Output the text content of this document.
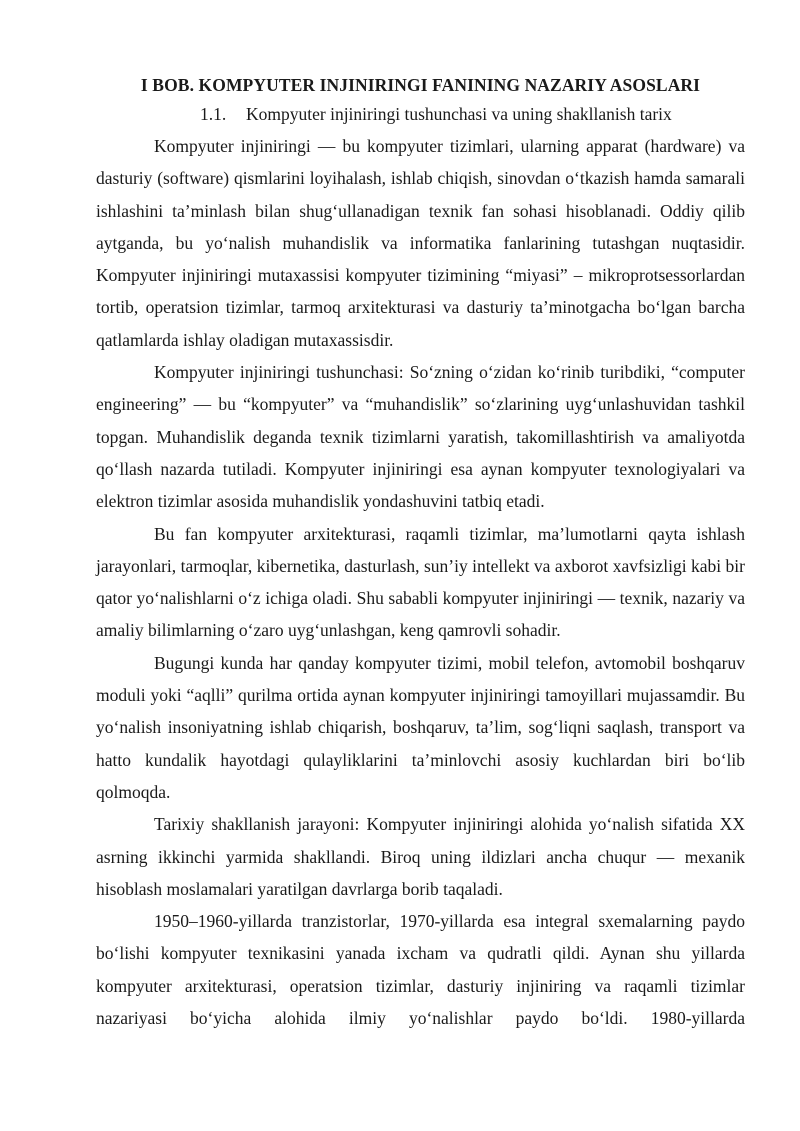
I BOB. KOMPYUTER INJINIRINGI FANINING NAZARIY ASOSLARI
1.1. Kompyuter injiniringi tushunchasi va uning shakllanish tarix

Kompyuter injiniringi — bu kompyuter tizimlari, ularning apparat (hardware) va dasturiy (software) qismlarini loyihalash, ishlab chiqish, sinovdan o‘tkazish hamda samarali ishlashini ta’minlash bilan shug‘ullanadigan texnik fan sohasi hisoblanadi. Oddiy qilib aytganda, bu yo‘nalish muhandislik va informatika fanlarining tutashgan nuqtasidir. Kompyuter injiniringi mutaxassisi kompyuter tizimining “miyasi” – mikroprotsessorlardan tortib, operatsion tizimlar, tarmoq arxitekturasi va dasturiy ta’minotgacha bo‘lgan barcha qatlamlarda ishlay oladigan mutaxassisdir.

Kompyuter injiniringi tushunchasi: So‘zning o‘zidan ko‘rinib turibdiki, “computer engineering” — bu “kompyuter” va “muhandislik” so‘zlarining uyg‘unlashuvidan tashkil topgan. Muhandislik deganda texnik tizimlarni yaratish, takomillashtirish va amaliyotda qo‘llash nazarda tutiladi. Kompyuter injiniringi esa aynan kompyuter texnologiyalari va elektron tizimlar asosida muhandislik yondashuvini tatbiq etadi.

Bu fan kompyuter arxitekturasi, raqamli tizimlar, ma’lumotlarni qayta ishlash jarayonlari, tarmoqlar, kibernetika, dasturlash, sun’iy intellekt va axborot xavfsizligi kabi bir qator yo‘nalishlarni o‘z ichiga oladi. Shu sababli kompyuter injiniringi — texnik, nazariy va amaliy bilimlarning o‘zaro uyg‘unlashgan, keng qamrovli sohadir.

Bugungi kunda har qanday kompyuter tizimi, mobil telefon, avtomobil boshqaruv moduli yoki “aqlli” qurilma ortida aynan kompyuter injiniringi tamoyillari mujassamdir. Bu yo‘nalish insoniyatning ishlab chiqarish, boshqaruv, ta’lim, sog‘liqni saqlash, transport va hatto kundalik hayotdagi qulayliklarini ta’minlovchi asosiy kuchlardan biri bo‘lib qolmoqda.

Tarixiy shakllanish jarayoni: Kompyuter injiniringi alohida yo‘nalish sifatida XX asrning ikkinchi yarmida shakllandi. Biroq uning ildizlari ancha chuqur — mexanik hisoblash moslamalari yaratilgan davrlarga borib taqaladi.

1950–1960-yillarda tranzistorlar, 1970-yillarda esa integral sxemalarning paydo bo‘lishi kompyuter texnikasini yanada ixcham va qudratli qildi. Aynan shu yillarda kompyuter arxitekturasi, operatsion tizimlar, dasturiy injiniring va raqamli tizimlar nazariyasi bo‘yicha alohida ilmiy yo‘nalishlar paydo bo‘ldi. 1980-yillarda
